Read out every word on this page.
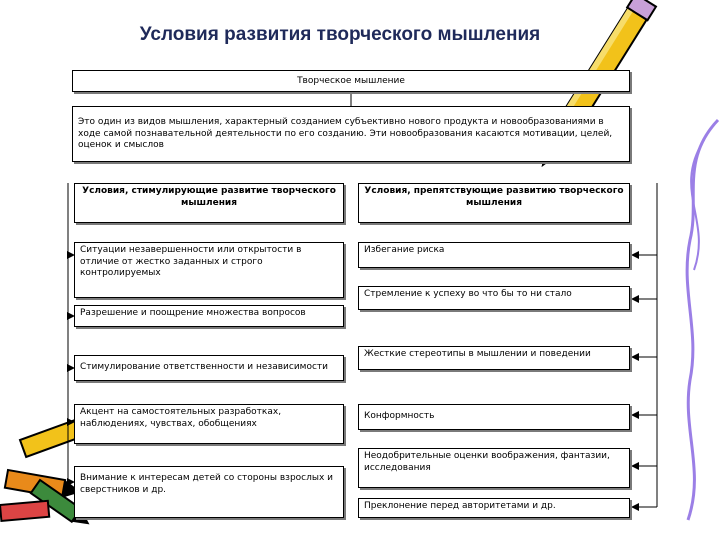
Условия развития творческого мышления
Творческое мышление
Это один из видов мышления, характерный созданием субъективно нового продукта и новообразованиями в ходе самой познавательной деятельности по его созданию. Эти новообразования касаются мотивации, целей, оценок и смыслов
Условия, стимулирующие развитие творческого мышления
Условия, препятствующие развитию творческого мышления
Ситуации незавершенности или открытости в отличие от жестко заданных и строго контролируемых
Разрешение и поощрение множества вопросов
Стимулирование ответственности и независимости
Акцент на самостоятельных разработках, наблюдениях, чувствах, обобщениях
Внимание к интересам детей со стороны взрослых и сверстников и др.
Избегание риска
Стремление к успеху во что бы то ни стало
Жесткие стереотипы в мышлении и поведении
Конформность
Неодобрительные оценки воображения, фантазии, исследования
Преклонение перед авторитетами и др.
